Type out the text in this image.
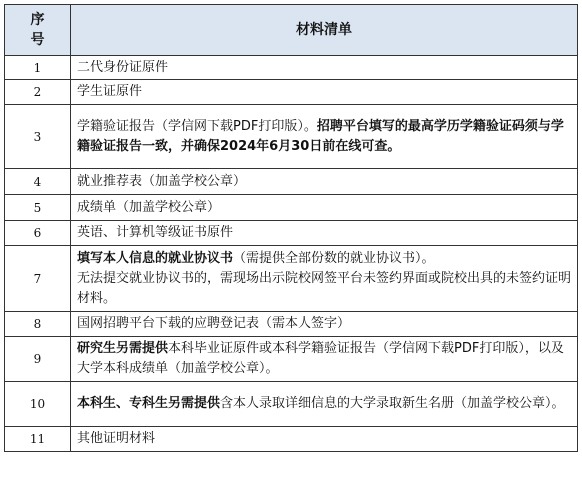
序号	材料清单
1	二代身份证原件
2	学生证原件
3	学籍验证报告（学信网下载PDF打印版）。招聘平台填写的最高学历学籍验证码须与学籍验证报告一致，并确保2024年6月30日前在线可查。
4	就业推荐表（加盖学校公章）
5	成绩单（加盖学校公章）
6	英语、计算机等级证书原件
7	填写本人信息的就业协议书（需提供全部份数的就业协议书）。
无法提交就业协议书的，需现场出示院校网签平台未签约界面或院校出具的未签约证明材料。
8	国网招聘平台下载的应聘登记表（需本人签字）
9	研究生另需提供本科毕业证原件或本科学籍验证报告（学信网下载PDF打印版），以及大学本科成绩单（加盖学校公章）。
10	本科生、专科生另需提供含本人录取详细信息的大学录取新生名册（加盖学校公章）。
11	其他证明材料
